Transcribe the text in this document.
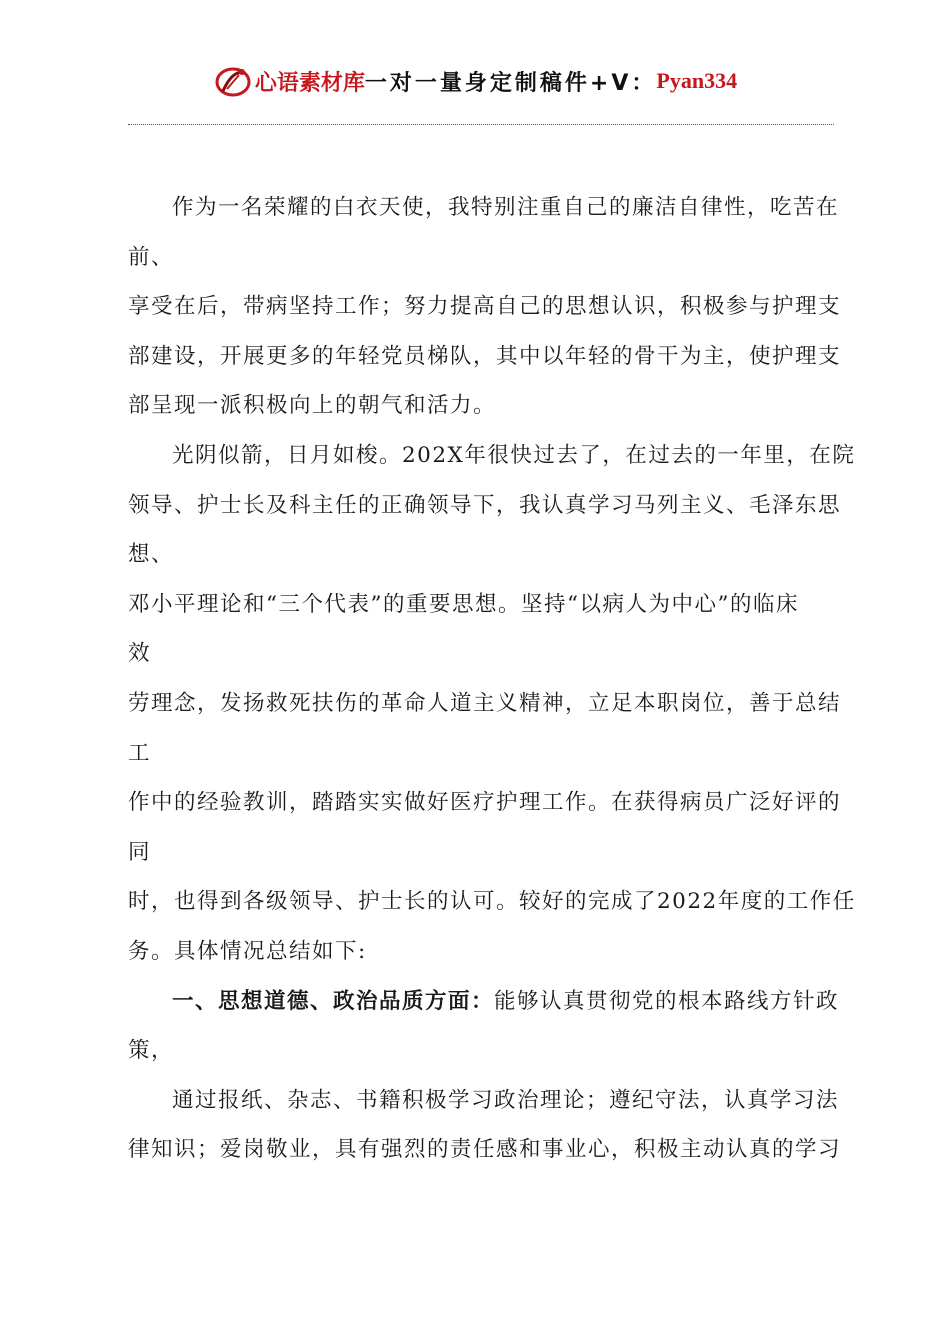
心语素材库 一对一量身定制稿件+V： Pyan334
作为一名荣耀的白衣天使，我特别注重自己的廉洁自律性，吃苦在
前、
享受在后，带病坚持工作；努力提高自己的思想认识，积极参与护理支
部建设，开展更多的年轻党员梯队，其中以年轻的骨干为主，使护理支
部呈现一派积极向上的朝气和活力。
光阴似箭，日月如梭。202X年很快过去了，在过去的一年里，在院
领导、护士长及科主任的正确领导下，我认真学习马列主义、毛泽东思
想、
邓小平理论和“三个代表”的重要思想。坚持“以病人为中心”的临床
效
劳理念，发扬救死扶伤的革命人道主义精神，立足本职岗位，善于总结
工
作中的经验教训，踏踏实实做好医疗护理工作。在获得病员广泛好评的
同
时，也得到各级领导、护士长的认可。较好的完成了2022年度的工作任
务。具体情况总结如下:
一、思想道德、政治品质方面：能够认真贯彻党的根本路线方针政
策，
通过报纸、杂志、书籍积极学习政治理论；遵纪守法，认真学习法
律知识；爱岗敬业，具有强烈的责任感和事业心，积极主动认真的学习
